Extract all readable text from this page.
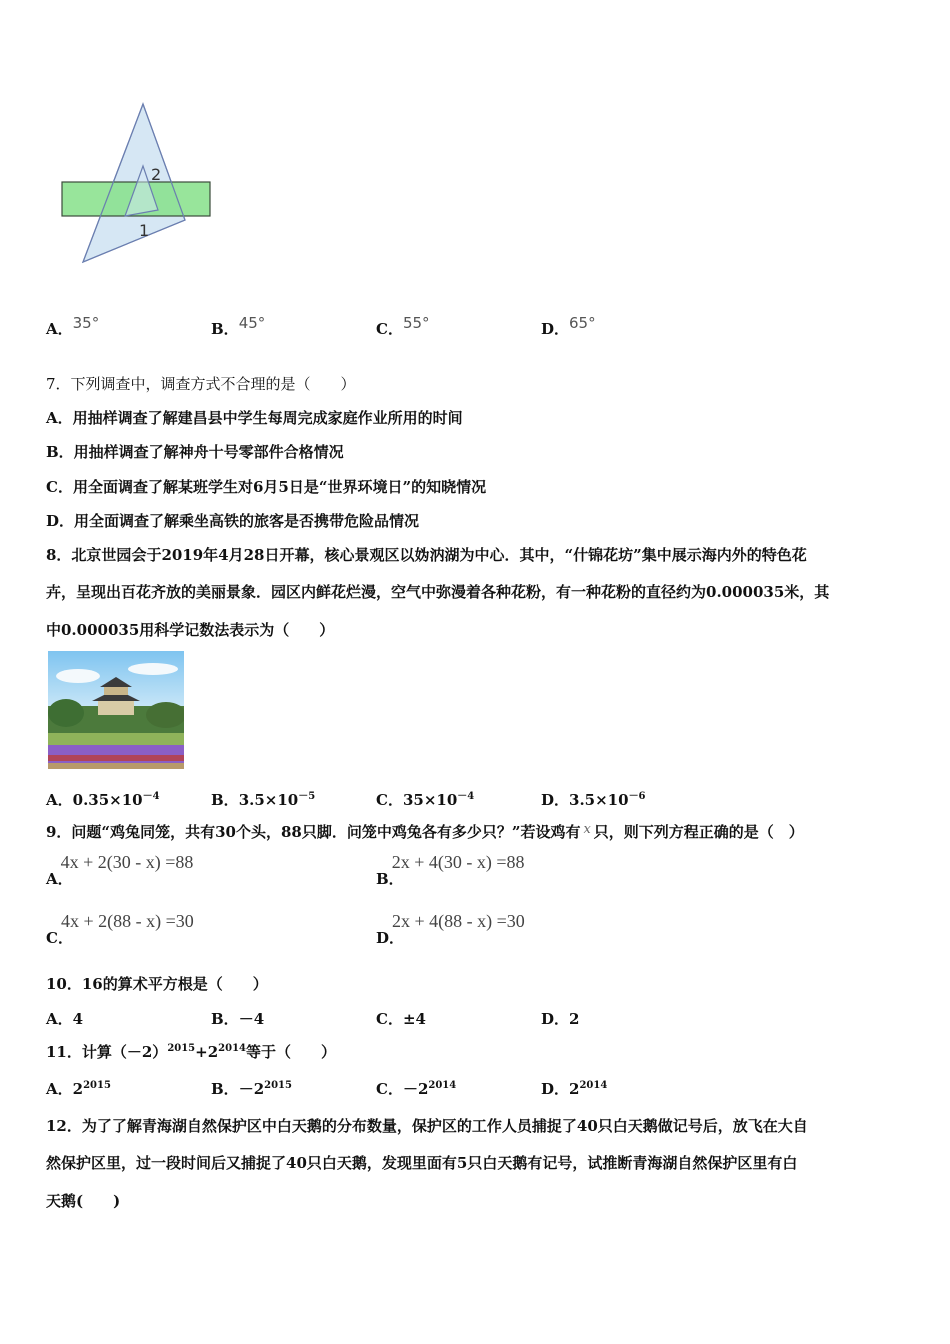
2
1
A．35°	B．45°	C．55°	D．65°
7．下列调查中，调查方式不合理的是（　　）
A．用抽样调查了解建昌县中学生每周完成家庭作业所用的时间
B．用抽样调查了解神舟十号零部件合格情况
C．用全面调查了解某班学生对6月5日是“世界环境日”的知晓情况
D．用全面调查了解乘坐高铁的旅客是否携带危险品情况
8．北京世园会于2019年4月28日开幕，核心景观区以妫汭湖为中心．其中，“什锦花坊”集中展示海内外的特色花
卉，呈现出百花齐放的美丽景象．园区内鲜花烂漫，空气中弥漫着各种花粉，有一种花粉的直径约为0.000035米，其
中0.000035用科学记数法表示为（　　）
A．$0.35\times 10^{-4}$	B．$3.5\times 10^{-5}$	C．$35\times 10^{-4}$	D．$3.5\times 10^{-6}$
9．问题“鸡兔同笼，共有30个头，88只脚．问笼中鸡兔各有多少只？”若设鸡有 x 只，则下列方程正确的是（　）
A．4x + 2(30 - x) =88
B．2x + 4(30 - x) =88
C．4x + 2(88 - x) =30
D．2x + 4(88 - x) =30
10．16的算术平方根是（　　）
A．4	B．－4	C．±4	D．2
11．计算$(-2)^{2015}+2^{2014}$等于（　　）
A．$2^{2015}$	B．$-2^{2015}$	C．$-2^{2014}$	D．$2^{2014}$
12．为了了解青海湖自然保护区中白天鹅的分布数量，保护区的工作人员捕捉了40只白天鹅做记号后，放飞在大自
然保护区里，过一段时间后又捕捉了40只白天鹅，发现里面有5只白天鹅有记号，试推断青海湖自然保护区里有白
天鹅(　　)
